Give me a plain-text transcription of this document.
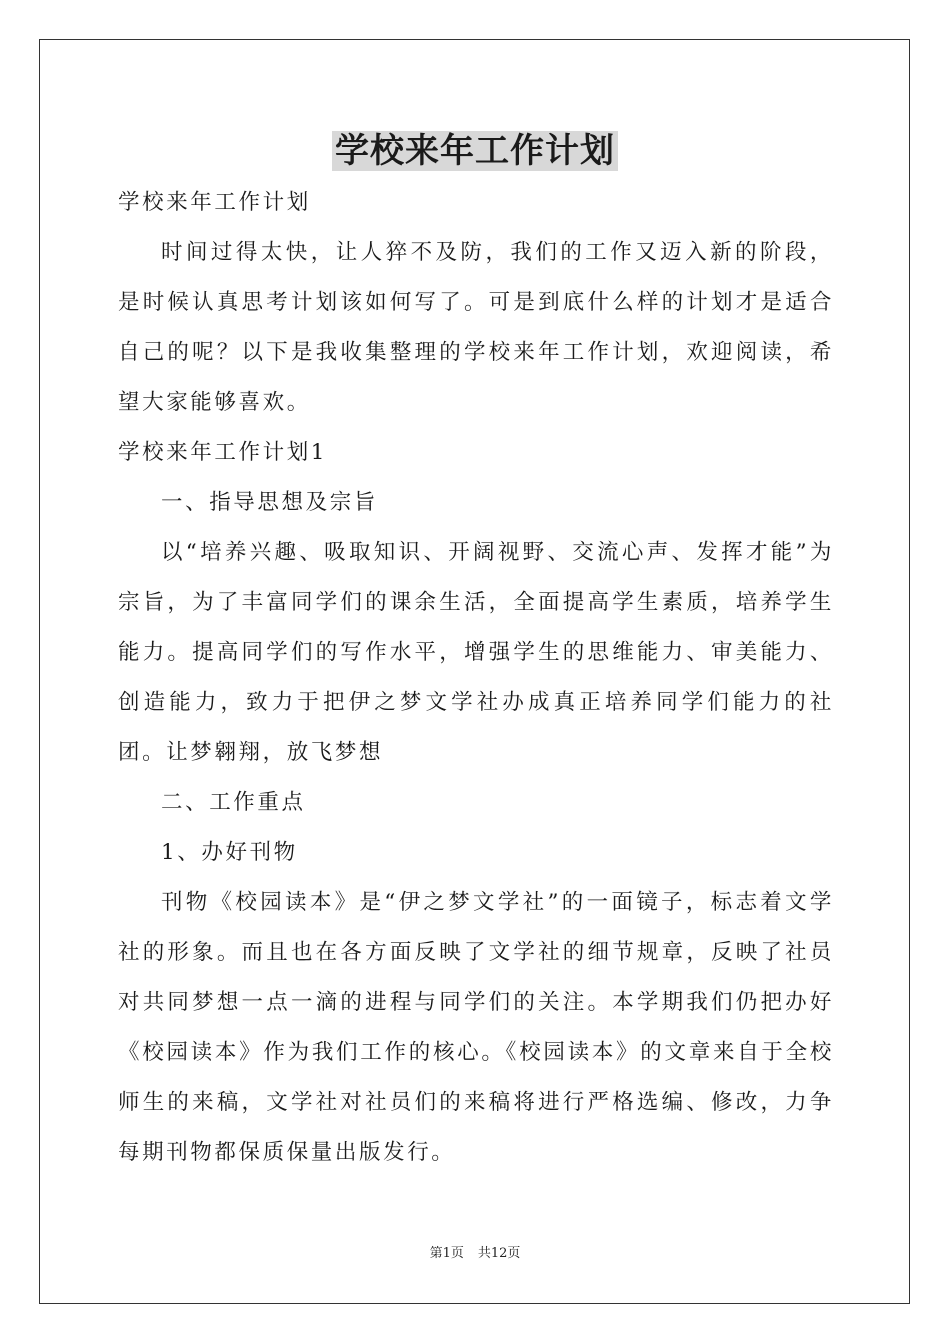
学校来年工作计划

学校来年工作计划

时间过得太快，让人猝不及防，我们的工作又迈入新的阶段，是时候认真思考计划该如何写了。可是到底什么样的计划才是适合自己的呢？以下是我收集整理的学校来年工作计划，欢迎阅读，希望大家能够喜欢。

学校来年工作计划1

一、指导思想及宗旨

以“培养兴趣、吸取知识、开阔视野、交流心声、发挥才能”为宗旨，为了丰富同学们的课余生活，全面提高学生素质，培养学生能力。提高同学们的写作水平，增强学生的思维能力、审美能力、创造能力，致力于把伊之梦文学社办成真正培养同学们能力的社团。让梦翱翔，放飞梦想

二、工作重点

1、办好刊物

刊物《校园读本》是“伊之梦文学社”的一面镜子，标志着文学社的形象。而且也在各方面反映了文学社的细节规章，反映了社员对共同梦想一点一滴的进程与同学们的关注。本学期我们仍把办好《校园读本》作为我们工作的核心。《校园读本》的文章来自于全校师生的来稿，文学社对社员们的来稿将进行严格选编、修改，力争每期刊物都保质保量出版发行。

第1页 共12页
